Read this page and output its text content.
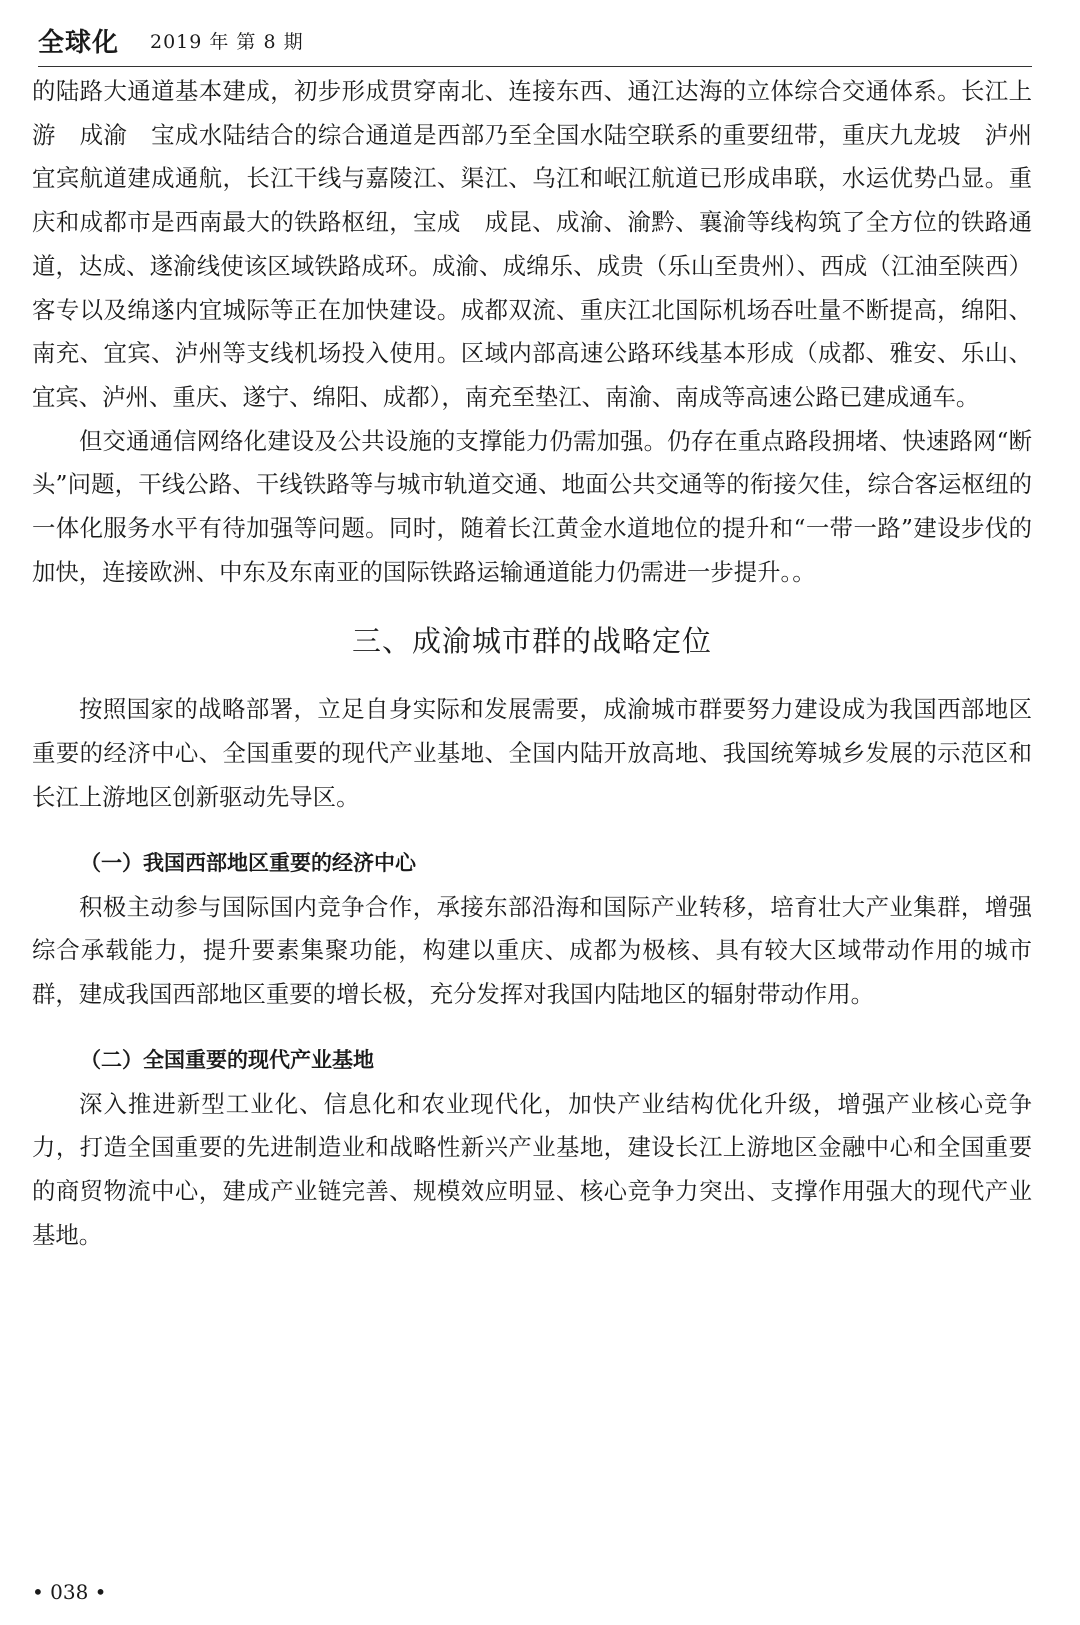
全球化 2019 年 第 8 期

的陆路大通道基本建成，初步形成贯穿南北、连接东西、通江达海的立体综合交通体系。长江上游　成渝　宝成水陆结合的综合通道是西部乃至全国水陆空联系的重要纽带，重庆九龙坡　泸州　宜宾航道建成通航，长江干线与嘉陵江、渠江、乌江和岷江航道已形成串联，水运优势凸显。重庆和成都市是西南最大的铁路枢纽，宝成　成昆、成渝、渝黔、襄渝等线构筑了全方位的铁路通道，达成、遂渝线使该区域铁路成环。成渝、成绵乐、成贵（乐山至贵州）、西成（江油至陕西）客专以及绵遂内宜城际等正在加快建设。成都双流、重庆江北国际机场吞吐量不断提高，绵阳、南充、宜宾、泸州等支线机场投入使用。区域内部高速公路环线基本形成（成都、雅安、乐山、宜宾、泸州、重庆、遂宁、绵阳、成都），南充至垫江、南渝、南成等高速公路已建成通车。

但交通通信网络化建设及公共设施的支撑能力仍需加强。仍存在重点路段拥堵、快速路网“断头”问题，干线公路、干线铁路等与城市轨道交通、地面公共交通等的衔接欠佳，综合客运枢纽的一体化服务水平有待加强等问题。同时，随着长江黄金水道地位的提升和“一带一路”建设步伐的加快，连接欧洲、中东及东南亚的国际铁路运输通道能力仍需进一步提升。。

三、成渝城市群的战略定位

按照国家的战略部署，立足自身实际和发展需要，成渝城市群要努力建设成为我国西部地区重要的经济中心、全国重要的现代产业基地、全国内陆开放高地、我国统筹城乡发展的示范区和长江上游地区创新驱动先导区。

（一）我国西部地区重要的经济中心

积极主动参与国际国内竞争合作，承接东部沿海和国际产业转移，培育壮大产业集群，增强综合承载能力，提升要素集聚功能，构建以重庆、成都为极核、具有较大区域带动作用的城市群，建成我国西部地区重要的增长极，充分发挥对我国内陆地区的辐射带动作用。

（二）全国重要的现代产业基地

深入推进新型工业化、信息化和农业现代化，加快产业结构优化升级，增强产业核心竞争力，打造全国重要的先进制造业和战略性新兴产业基地，建设长江上游地区金融中心和全国重要的商贸物流中心，建成产业链完善、规模效应明显、核心竞争力突出、支撑作用强大的现代产业基地。

• 038 •
